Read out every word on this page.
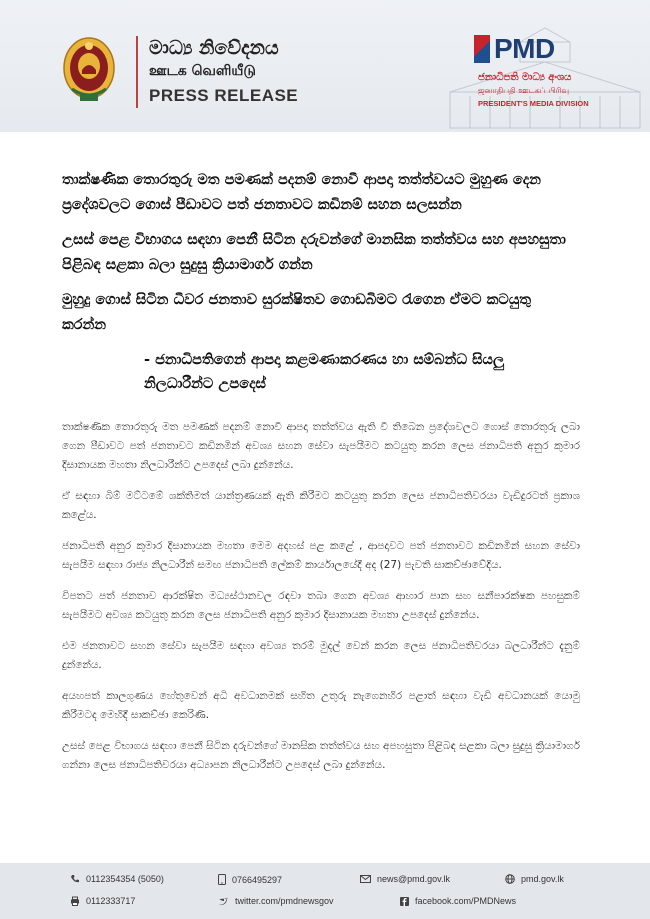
මාධ්‍ය නිවේදනය
ஊடக வெளியீடு
PRESS RELEASE
PMD
ජනාධිපති මාධ්‍ය අංශය
ஜனாதிபதி ஊடகப் பிரிவு
PRESIDENT'S MEDIA DIVISION

තාක්ෂණික තොරතුරු මත පමණක් පදනම් නොවී ආපදා තත්ත්වයට මුහුණ දෙන ප්‍රදේශවලට ගොස් පීඩාවට පත් ජනතාවට කඩිනම් සහන සලසන්න

උසස් පෙළ විභාගය සඳහා පෙනී සිටින දරුවන්ගේ මානසික තත්ත්වය සහ අපහසුතා පිළිබඳ සළකා බලා සුදුසු ක්‍රියාමාර්ග ගන්න

මුහුදු ගොස් සිටින ධීවර ජනතාව සුරක්ෂිතව ගොඩබිමට රැගෙන ඒමට කටයුතු කරන්න

- ජනාධිපතිගෙන් ආපදා කළමණාකරණය හා සම්බන්ධ සියලු නිලධාරීන්ට උපදෙස්

තාක්ෂණික තොරතුරු මත පමණක් පදනම් නොවී ආපදා තත්ත්වය ඇති වී තිබෙන ප්‍රදේශවලට ගොස් තොරතුරු ලබා ගෙන පීඩාවට පත් ජනතාවට කඩිනමින් අවශ්‍ය සහන සේවා සැපයීමට කටයුතු කරන ලෙස ජනාධිපති අනුර කුමාර දිසානායක මහතා නිලධාරීන්ට උපදෙස් ලබා දුන්නේය.

ඒ සඳහා බිම් මට්ටමේ ශක්තිමත් යාන්ත්‍රණයක් ඇති කිරීමට කටයුතු කරන ලෙස ජනාධිපතිවරයා වැඩිදුරටත් ප්‍රකාශ කළේය.

ජනාධිපති අනුර කුමාර දිසානායක මහතා මෙම අදහස් පළ කළේ , ආපදාවට පත් ජනතාවට කඩිනමින් සහන සේවා සැපයීම සඳහා රාජ්‍ය නිලධාරීන් සමඟ ජනාධිපති ලේකම් කාර්යාලයේදී අද (27) පැවති සාකච්ඡාවේදිය.

විපතට පත් ජනතාව ආරක්ෂිත මධ්‍යස්ථානවල රඳවා තබා ගෙන අවශ්‍ය ආහාර පාන සහ සනීපාරක්ෂක පහසුකම් සැපයීමට අවශ්‍ය කටයුතු කරන ලෙස ජනාධිපති අනුර කුමාර දිසානායක මහතා උපදෙස් දුන්නේය.

එම ජනතාවට සහන සේවා සැපයීම සඳහා අවශ්‍ය තරම් මුදල් වෙන් කරන ලෙස ජනාධිපතිවරයා බලධාරීන්ට දැනුම් දුන්නේය.

අයහපත් කාලගුණය හේතුවෙන් අධි අවධානමක් සහිත උතුරු නැගෙනහිර පළාත් සඳහා වැඩි අවධානයක් යොමු කිරීමටද මෙහිදී සාකච්ඡා කෙරිණි.

උසස් පෙළ විභාගය සඳහා පෙනී සිටින දරුවන්ගේ මානසික තත්ත්වය සහ අපහසුතා පිළිබඳ සළකා බලා සුදුසු ක්‍රියාමාර්ග ගන්නා ලෙස ජනාධිපතිවරයා අධ්‍යාපන නිලධාරීන්ට උපදෙස් ලබා දුන්නේය.

0112354354 (5050)	0766495297	news@pmd.gov.lk	pmd.gov.lk
0112333717	twitter.com/pmdnewsgov	facebook.com/PMDNews
